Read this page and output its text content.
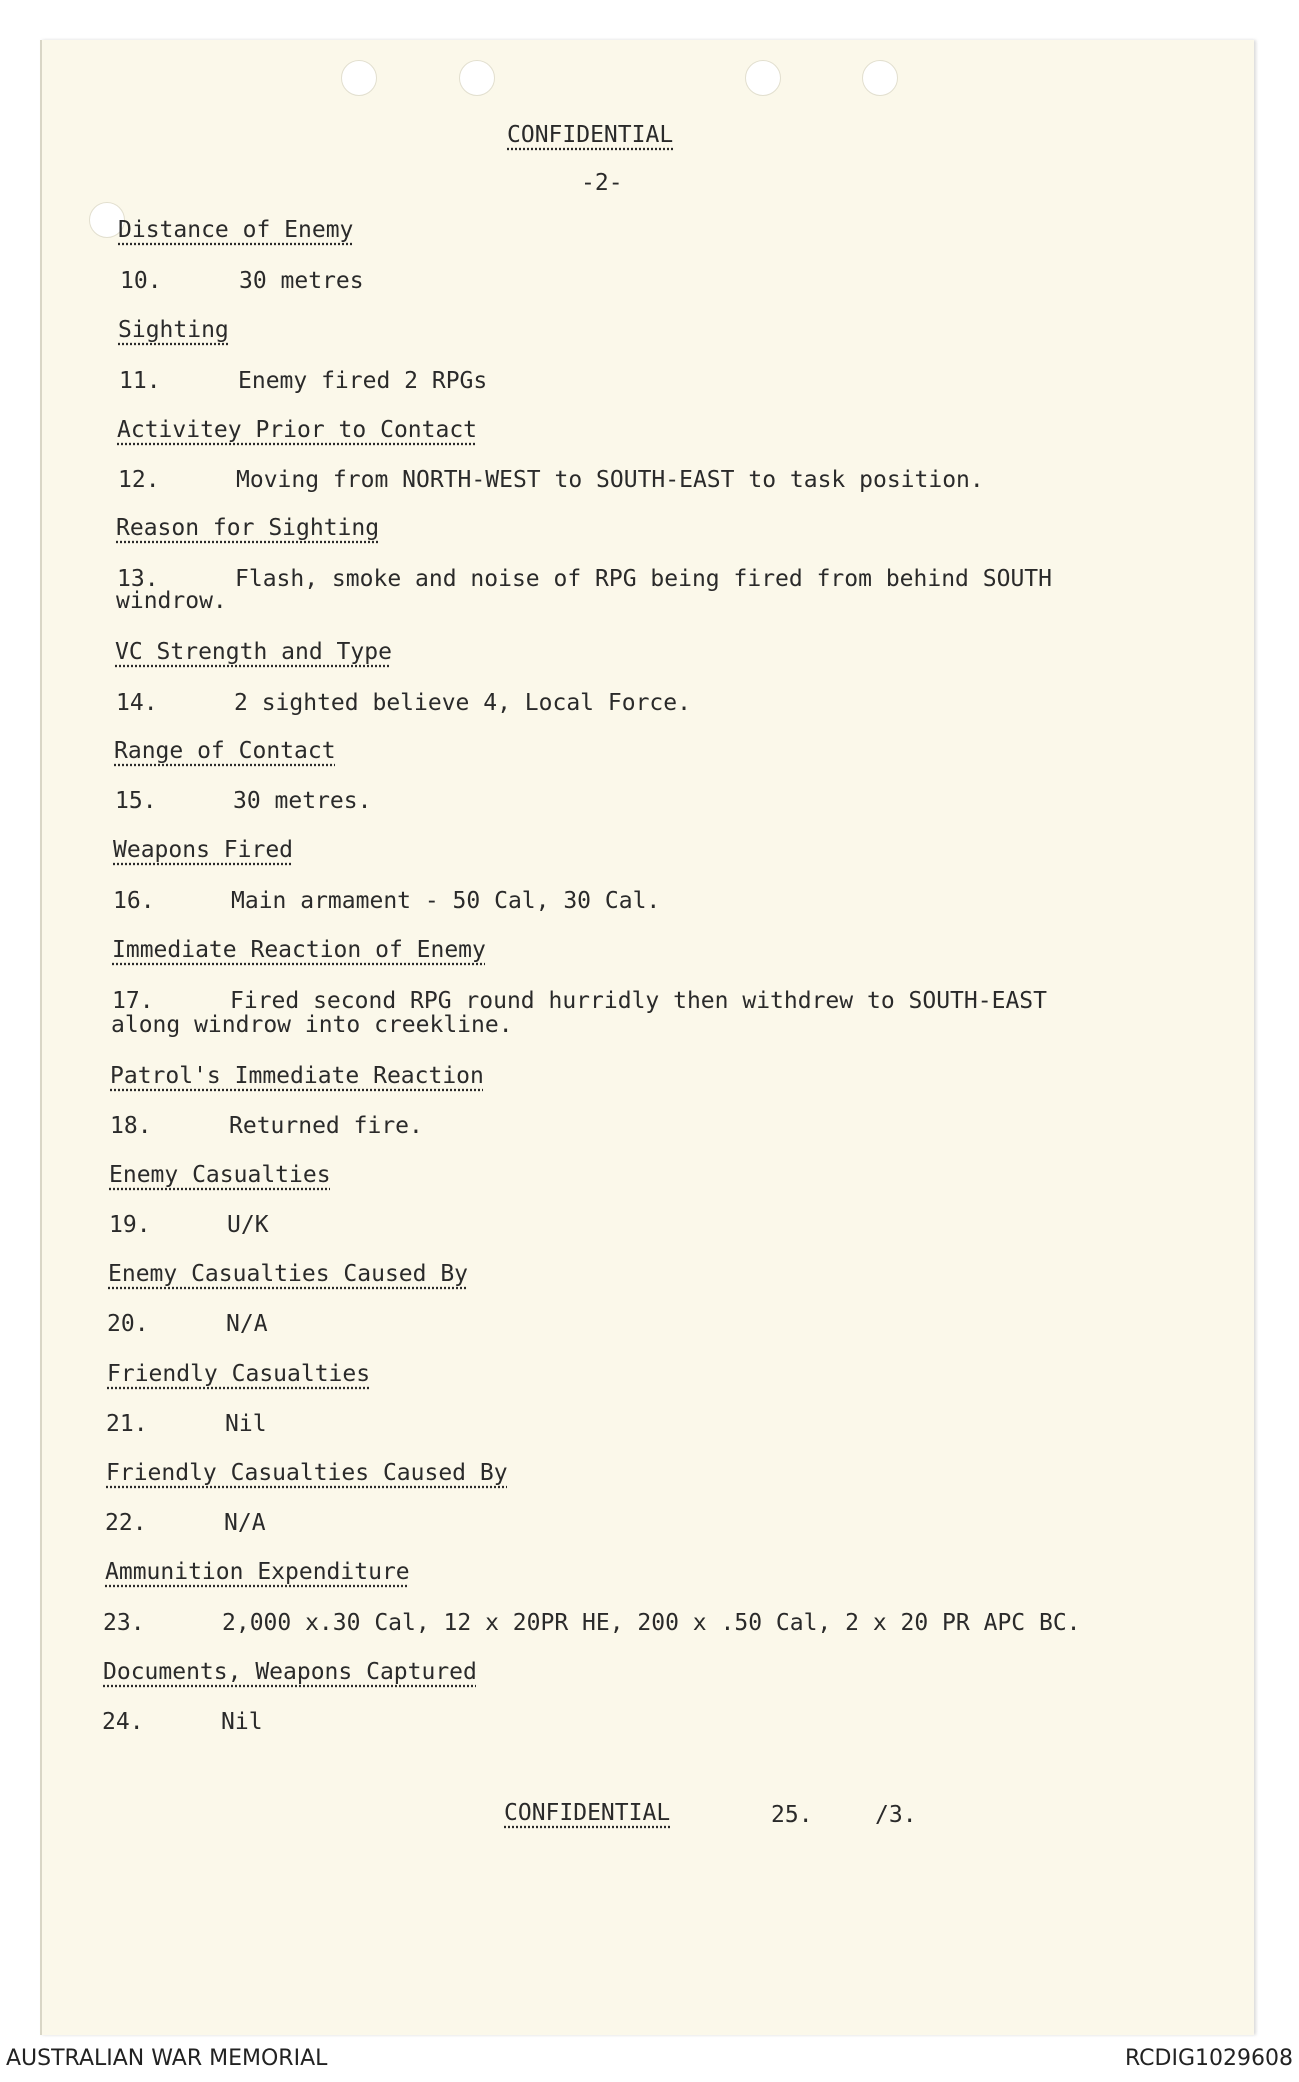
CONFIDENTIAL
-2-
Distance of Enemy
10.	30 metres
Sighting
11.	Enemy fired 2 RPGs
Activitey Prior to Contact
12.	Moving from NORTH-WEST to SOUTH-EAST to task position.
Reason for Sighting
13.	Flash, smoke and noise of RPG being fired from behind SOUTH
windrow.
VC Strength and Type
14.	2 sighted believe 4, Local Force.
Range of Contact
15.	30 metres.
Weapons Fired
16.	Main armament - 50 Cal, 30 Cal.
Immediate Reaction of Enemy
17.	Fired second RPG round hurridly then withdrew to SOUTH-EAST
along windrow into creekline.
Patrol's Immediate Reaction
18.	Returned fire.
Enemy Casualties
19.	U/K
Enemy Casualties Caused By
20.	N/A
Friendly Casualties
21.	Nil
Friendly Casualties Caused By
22.	N/A
Ammunition Expenditure
23.	2,000 x.30 Cal, 12 x 20PR HE, 200 x .50 Cal, 2 x 20 PR APC BC.
Documents, Weapons Captured
24.	Nil
CONFIDENTIAL	25.	/3.
AUSTRALIAN WAR MEMORIAL	RCDIG1029608
